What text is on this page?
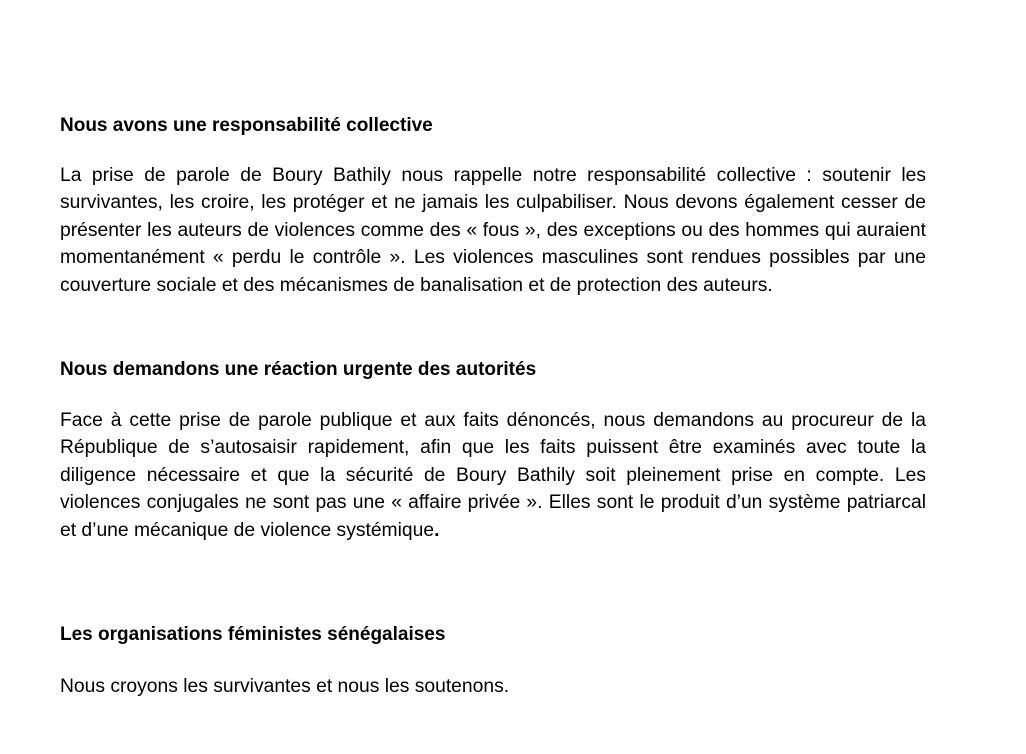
Nous avons une responsabilité collective

La prise de parole de Boury Bathily nous rappelle notre responsabilité collective : soutenir les survivantes, les croire, les protéger et ne jamais les culpabiliser. Nous devons également cesser de présenter les auteurs de violences comme des « fous », des exceptions ou des hommes qui auraient momentanément « perdu le contrôle ». Les violences masculines sont rendues possibles par une couverture sociale et des mécanismes de banalisation et de protection des auteurs.

Nous demandons une réaction urgente des autorités

Face à cette prise de parole publique et aux faits dénoncés, nous demandons au procureur de la République de s’autosaisir rapidement, afin que les faits puissent être examinés avec toute la diligence nécessaire et que la sécurité de Boury Bathily soit pleinement prise en compte. Les violences conjugales ne sont pas une « affaire privée ». Elles sont le produit d’un système patriarcal et d’une mécanique de violence systémique.

Les organisations féministes sénégalaises

Nous croyons les survivantes et nous les soutenons.
